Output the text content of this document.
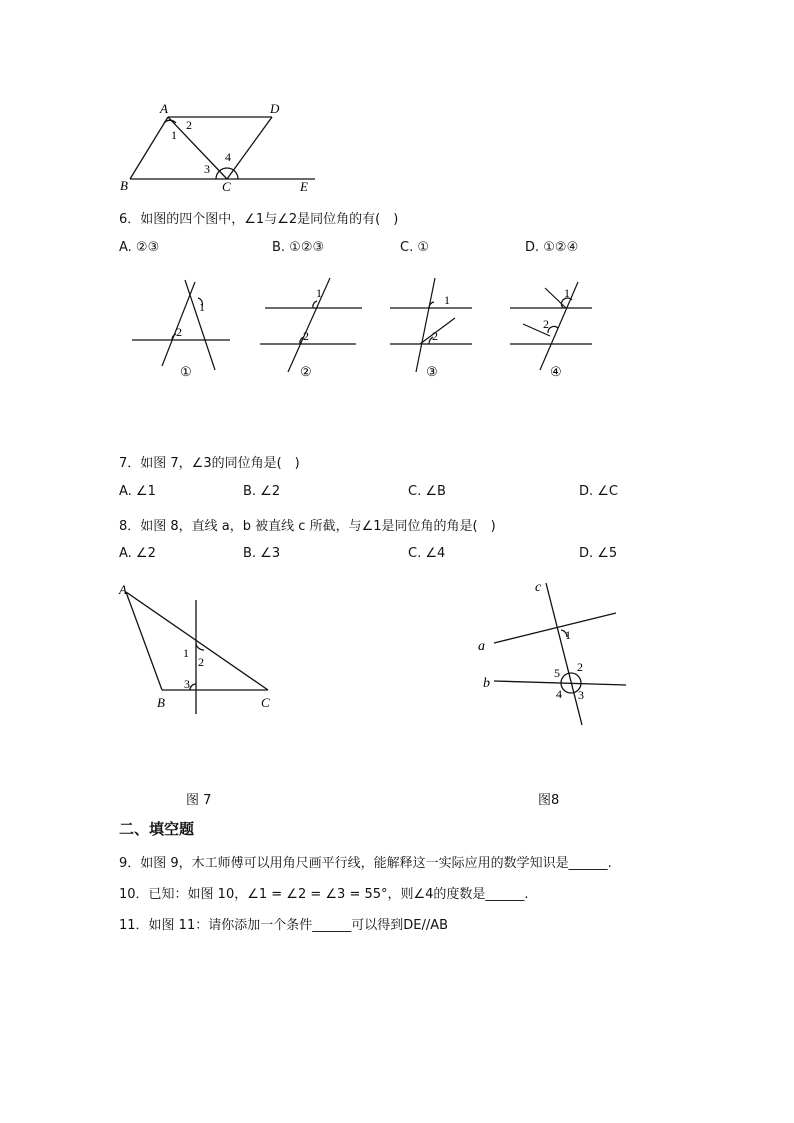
A	D
B	C	E
1
2
3
4
6．如图的四个图中，∠1与∠2是同位角的有(　)
A. ②③	B. ①②③	C. ①	D. ①②④
1
2
1
2
1
2
1
2
①	②	③	④
7．如图 7，∠3的同位角是(　)
A. ∠1	B. ∠2	C. ∠B	D. ∠C
8．如图 8，直线 a，b 被直线 c 所截，与∠1是同位角的角是(　)
A. ∠2	B. ∠3	C. ∠4	D. ∠5
A
B	C
1
2
3
图 7
c
a
b
1
2
5
4 3
图8
二、填空题
9．如图 9，木工师傅可以用角尺画平行线，能解释这一实际应用的数学知识是______.
10．已知：如图 10，∠1 = ∠2 = ∠3 = 55°，则∠4的度数是______.
11．如图 11：请你添加一个条件______可以得到DE//AB
